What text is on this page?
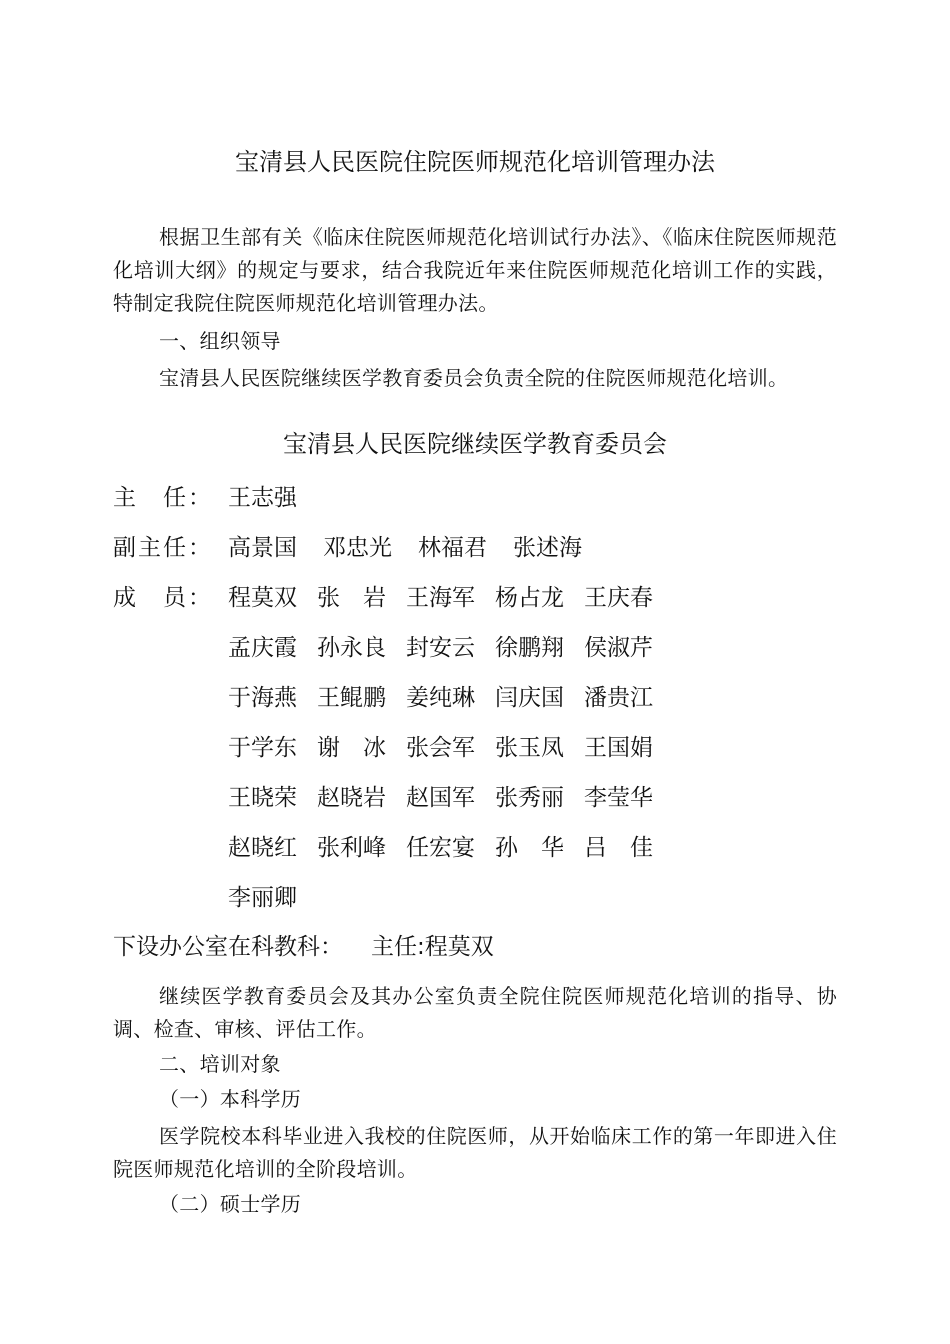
宝清县人民医院住院医师规范化培训管理办法
根据卫生部有关《临床住院医师规范化培训试行办法》、《临床住院医师规范化培训大纲》的规定与要求，结合我院近年来住院医师规范化培训工作的实践，特制定我院住院医师规范化培训管理办法。
一、组织领导
宝清县人民医院继续医学教育委员会负责全院的住院医师规范化培训。
宝清县人民医院继续医学教育委员会
主　任： 王志强
副主任： 高景国 邓忠光 林福君 张述海
成　员： 程莫双 张　岩 王海军 杨占龙 王庆春
孟庆霞 孙永良 封安云 徐鹏翔 侯淑芹
于海燕 王鲲鹏 姜纯琳 闫庆国 潘贵江
于学东 谢　冰 张会军 张玉凤 王国娟
王晓荣 赵晓岩 赵国军 张秀丽 李莹华
赵晓红 张利峰 任宏宴 孙　华 吕　佳
李丽卿
下设办公室在科教科： 主任:程莫双
继续医学教育委员会及其办公室负责全院住院医师规范化培训的指导、协调、检查、审核、评估工作。
二、培训对象
（一）本科学历
医学院校本科毕业进入我校的住院医师，从开始临床工作的第一年即进入住院医师规范化培训的全阶段培训。
（二）硕士学历
